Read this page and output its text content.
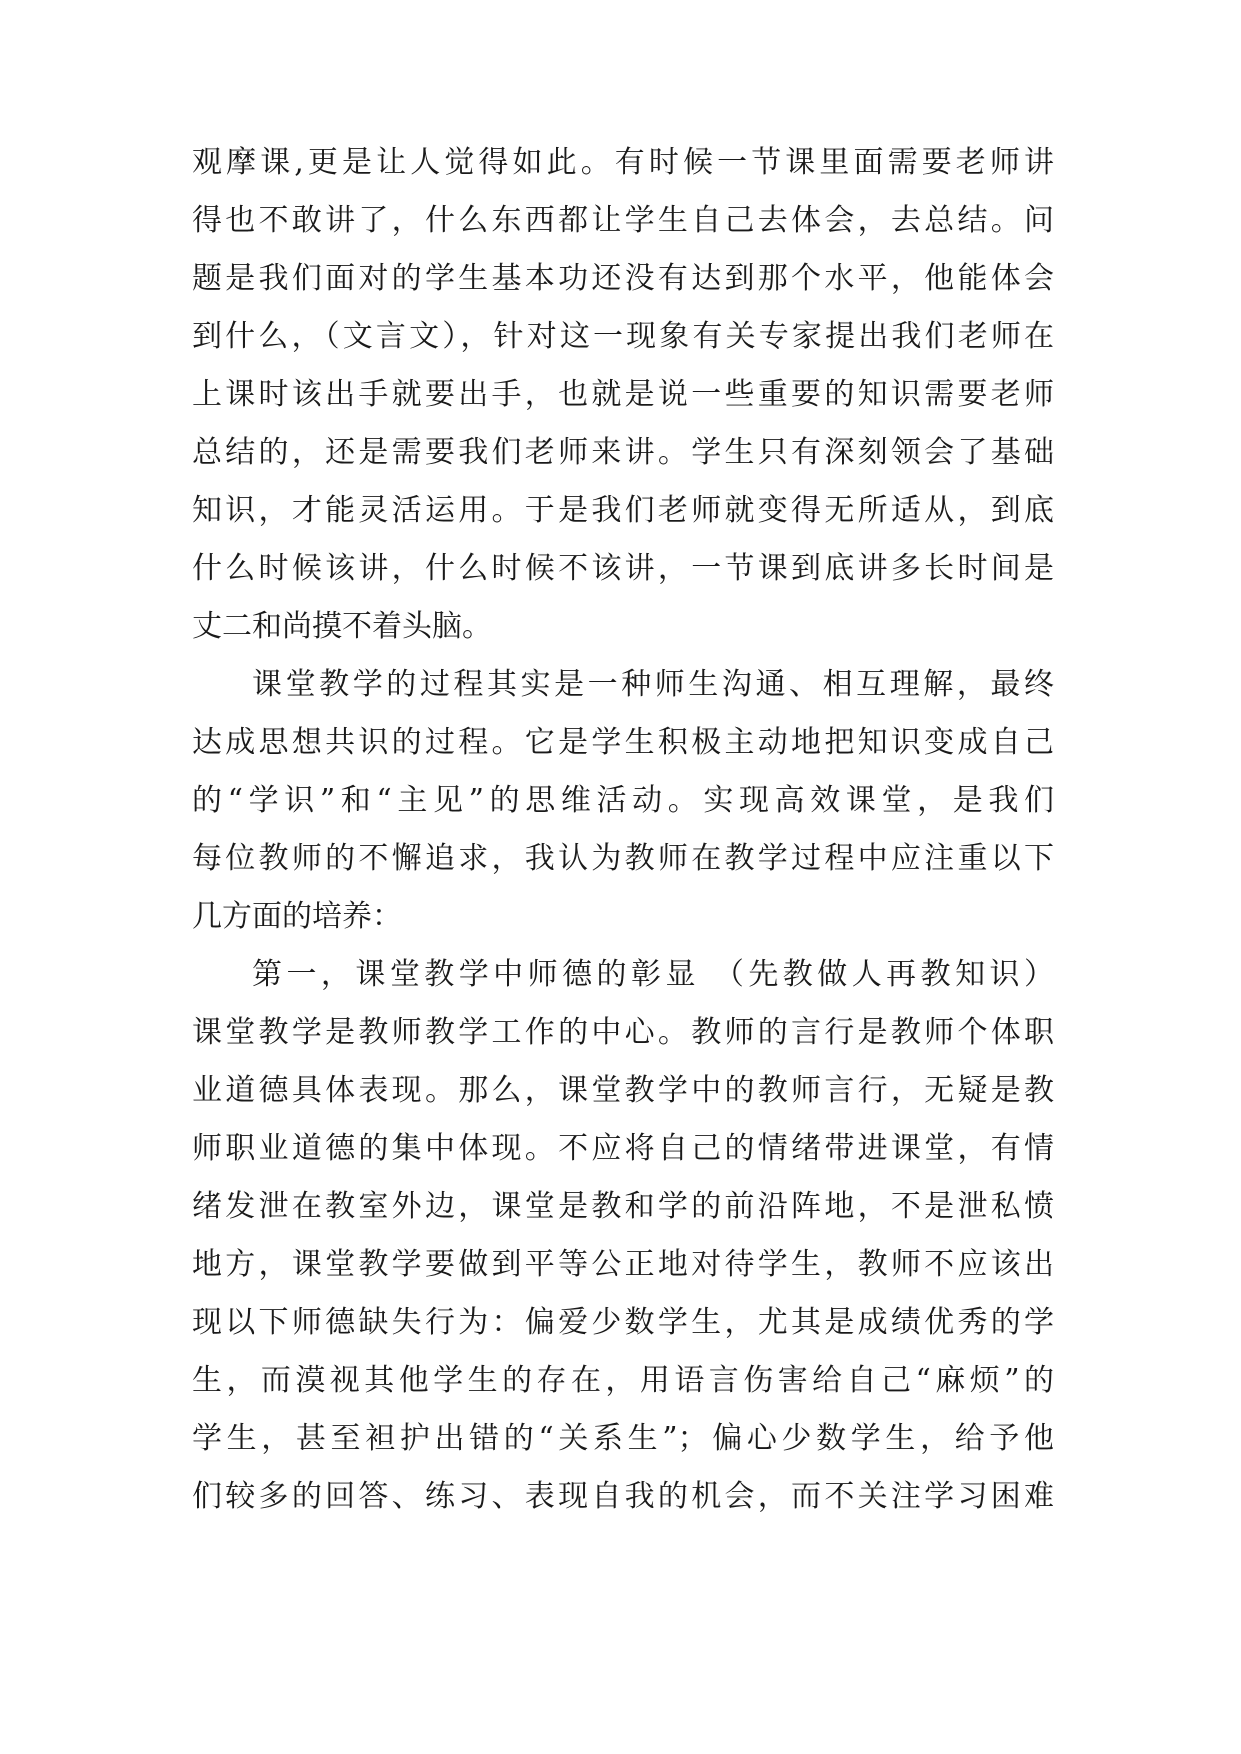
观摩课,更是让人觉得如此。有时候一节课里面需要老师讲
得也不敢讲了，什么东西都让学生自己去体会，去总结。问
题是我们面对的学生基本功还没有达到那个水平，他能体会
到什么，（文言文），针对这一现象有关专家提出我们老师在
上课时该出手就要出手，也就是说一些重要的知识需要老师
总结的，还是需要我们老师来讲。学生只有深刻领会了基础
知识，才能灵活运用。于是我们老师就变得无所适从，到底
什么时候该讲，什么时候不该讲，一节课到底讲多长时间是
丈二和尚摸不着头脑。
课堂教学的过程其实是一种师生沟通、相互理解，最终
达成思想共识的过程。它是学生积极主动地把知识变成自己
的“学识”和“主见”的思维活动。实现高效课堂，是我们
每位教师的不懈追求，我认为教师在教学过程中应注重以下
几方面的培养：
第一，课堂教学中师德的彰显 （先教做人再教知识）
课堂教学是教师教学工作的中心。教师的言行是教师个体职
业道德具体表现。那么，课堂教学中的教师言行，无疑是教
师职业道德的集中体现。不应将自己的情绪带进课堂，有情
绪发泄在教室外边，课堂是教和学的前沿阵地，不是泄私愤
地方，课堂教学要做到平等公正地对待学生，教师不应该出
现以下师德缺失行为：偏爱少数学生，尤其是成绩优秀的学
生，而漠视其他学生的存在，用语言伤害给自己“麻烦”的
学生，甚至袒护出错的“关系生”；偏心少数学生，给予他
们较多的回答、练习、表现自我的机会，而不关注学习困难
